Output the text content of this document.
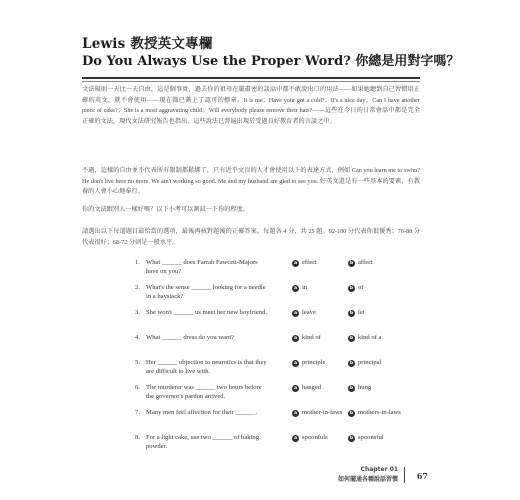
Lewis 教授英文專欄
Do You Always Use the Proper Word? 你總是用對字嗎？
文法規則一天比一天自由，這是個事實，過去你的祖母在嚴肅密的談話中都不敢說出口的用法——如果她聽到自己習慣用正確的英文，就不會使用——現在都已蓋上了認可的標章。It is me；Have your got a cold?；It's a nice day。Can I have another piece of cake?；She is a most aggravating child。Will everybody please remove their hats?——這些在今日的日常會話中都是完全正確的文法，現代文法研究報告也指出，這些說法已普遍出現於受過良好教育者的言談之中。
不過，這樣的自由並不代表所有限制都鬆綁了，只有近乎文盲的人才會使用以下的表達方式，例如 Can you learn me to swim? He don't live here no more. We ain't working so good. Me and my husband are glad to see you. 好英文還是有一些基本的要素，有教養的人會小心地奉行。
你的文法跟別人一樣好嗎？以下小考可以測試一下你的程度。
請選出以下每道題目最恰當的選項，最後再核對題後的正確答案。每題各 4 分，共 25 題。92-100 分代表你很優秀；76-88 分代表很好；68-72 分則是一般水平。
1. What ______ does Farrah Fawcett-Majors have on you?
a effect	b affect
2. What's the sense ______ looking for a needle in a haystack?
a in	b of
3. She won't ______ us meet her new boyfriend.	a leave	b let
4. What ______ dress do you want?	a kind of	b kind of a
5. Her ______ objection to neurotics is that they are difficult to live with.
a principle	b principal
6. The murderer was ______ two hours before the governor's pardon arrived.
a hanged	b hung
7. Many men feel affection for their ______.	a mother-in-laws	b mothers-in-laws
8. For a light cake, use two ______ of baking powder.
a spoonfuls	b spoonsful
Chapter 01
如何擺通各種說話習慣 67
